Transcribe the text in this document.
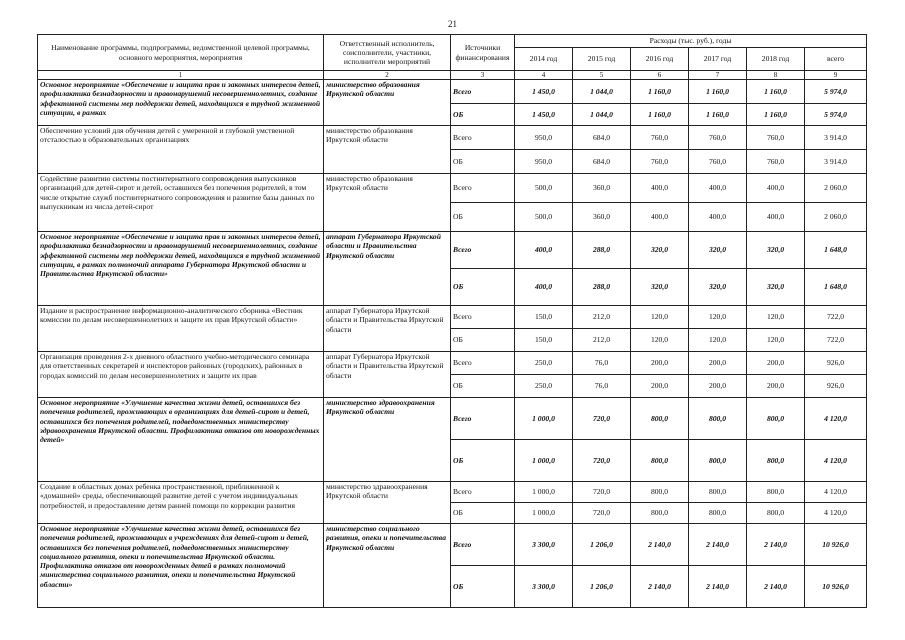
21
Наименование программы, подпрограммы, ведомственной целевой программы, основного мероприятия, мероприятия	Ответственный исполнитель, соисполнители, участники, исполнители мероприятий	Источники финансирования	Расходы (тыс. руб.), годы					
			2014 год	2015 год	2016 год	2017 год	2018 год	всего
1	2	3	4	5	6	7	8	9
Основное мероприятие «Обеспечение и защита прав и законных интересов детей, профилактика безнадзорности и правонарушений несовершеннолетних, создание эффективной системы мер поддержки детей, находящихся в трудной жизненной ситуации, в рамках	министерство образования Иркутской области	Всего	1 450,0	1 044,0	1 160,0	1 160,0	1 160,0	5 974,0
		ОБ	1 450,0	1 044,0	1 160,0	1 160,0	1 160,0	5 974,0
Обеспечение условий для обучения детей с умеренной и глубокой умственной отсталостью в образовательных организациях	министерство образования Иркутской области	Всего	950,0	684,0	760,0	760,0	760,0	3 914,0
		ОБ	950,0	684,0	760,0	760,0	760,0	3 914,0
Содействие развитию системы постинтернатного сопровождения выпускников организаций для детей-сирот и детей, оставшихся без попечения родителей, в том числе открытие служб постинтернатного сопровождения и развитие базы данных по выпускникам из числа детей-сирот	министерство образования Иркутской области	Всего	500,0	360,0	400,0	400,0	400,0	2 060,0
		ОБ	500,0	360,0	400,0	400,0	400,0	2 060,0
Основное мероприятие «Обеспечение и защита прав и законных интересов детей, профилактика безнадзорности и правонарушений несовершеннолетних, создание эффективной системы мер поддержки детей, находящихся в трудной жизненной ситуации, в рамках полномочий аппарата Губернатора Иркутской области и Правительства Иркутской области»	аппарат Губернатора Иркутской области и Правительства Иркутской области	Всего	400,0	288,0	320,0	320,0	320,0	1 648,0
		ОБ	400,0	288,0	320,0	320,0	320,0	1 648,0
Издание и распространение информационно-аналитического сборника «Вестник комиссии по делам несовершеннолетних и защите их прав Иркутской области»	аппарат Губернатора Иркутской области и Правительства Иркутской области	Всего	150,0	212,0	120,0	120,0	120,0	722,0
		ОБ	150,0	212,0	120,0	120,0	120,0	722,0
Организация проведения 2-х дневного областного учебно-методического семинара для ответственных секретарей и инспекторов районных (городских), районных в городах комиссий по делам несовершеннолетних и защите их прав	аппарат Губернатора Иркутской области и Правительства Иркутской области	Всего	250,0	76,0	200,0	200,0	200,0	926,0
		ОБ	250,0	76,0	200,0	200,0	200,0	926,0
Основное мероприятие «Улучшение качества жизни детей, оставшихся без попечения родителей, проживающих в организациях для детей-сирот и детей, оставшихся без попечения родителей, подведомственных министерству здравоохранения Иркутской области. Профилактика отказов от новорожденных детей»	министерство здравоохранения Иркутской области	Всего	1 000,0	720,0	800,0	800,0	800,0	4 120,0
		ОБ	1 000,0	720,0	800,0	800,0	800,0	4 120,0
Создание в областных домах ребенка пространственной, приближенной к «домашней» среды, обеспечивающей развитие детей с учетом индивидуальных потребностей, и предоставление детям ранней помощи по коррекции развития	министерство здравоохранения Иркутской области	Всего	1 000,0	720,0	800,0	800,0	800,0	4 120,0
		ОБ	1 000,0	720,0	800,0	800,0	800,0	4 120,0
Основное мероприятие «Улучшение качества жизни детей, оставшихся без попечения родителей, проживающих в учреждениях для детей-сирот и детей, оставшихся без попечения родителей, подведомственных министерству социального развития, опеки и попечительства Иркутской области. Профилактика отказов от новорожденных детей в рамках полномочий министерства социального развития, опеки и попечительства Иркутской области»	министерство социального развития, опеки и попечительства Иркутской области	Всего	3 300,0	1 206,0	2 140,0	2 140,0	2 140,0	10 926,0
		ОБ	3 300,0	1 206,0	2 140,0	2 140,0	2 140,0	10 926,0
